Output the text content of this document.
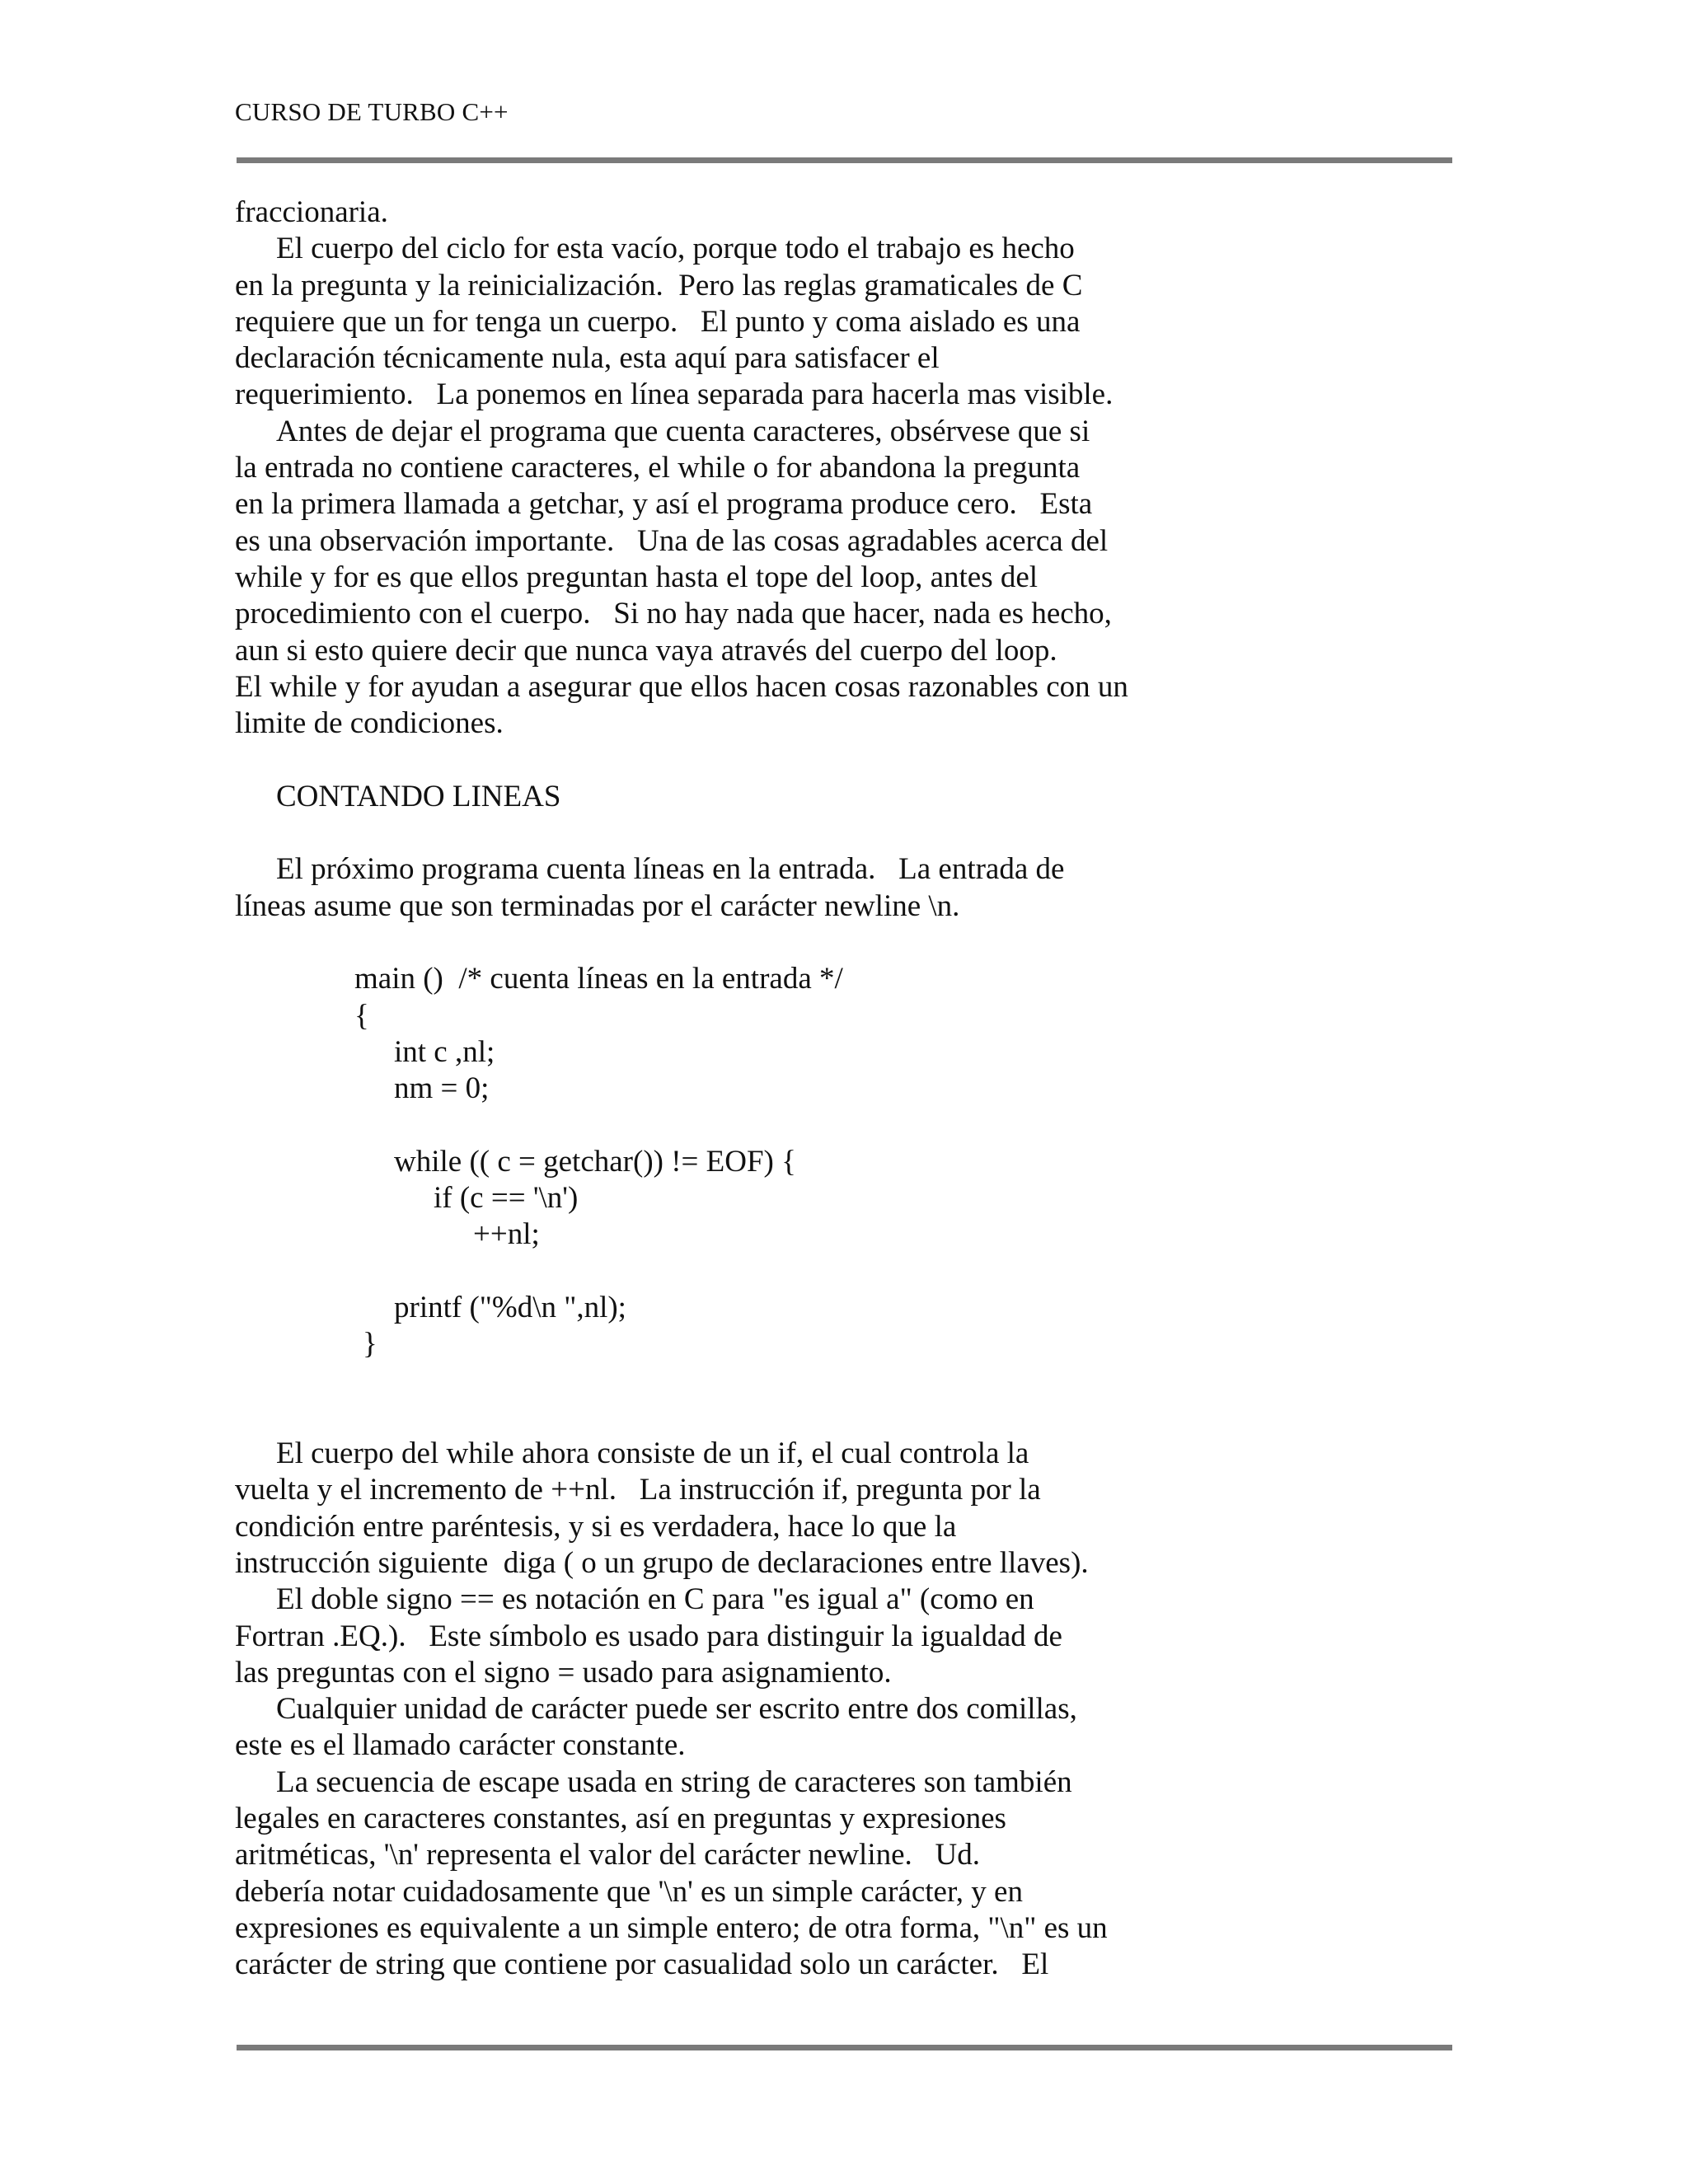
CURSO DE TURBO C++
fraccionaria.
El cuerpo del ciclo for esta vacío, porque todo el trabajo es hecho
en la pregunta y la reinicialización.  Pero las reglas gramaticales de C
requiere que un for tenga un cuerpo.   El punto y coma aislado es una
declaración técnicamente nula, esta aquí para satisfacer el
requerimiento.   La ponemos en línea separada para hacerla mas visible.
Antes de dejar el programa que cuenta caracteres, obsérvese que si
la entrada no contiene caracteres, el while o for abandona la pregunta
en la primera llamada a getchar, y así el programa produce cero.   Esta
es una observación importante.   Una de las cosas agradables acerca del
while y for es que ellos preguntan hasta el tope del loop, antes del
procedimiento con el cuerpo.   Si no hay nada que hacer, nada es hecho,
aun si esto quiere decir que nunca vaya através del cuerpo del loop.
El while y for ayudan a asegurar que ellos hacen cosas razonables con un
limite de condiciones.
CONTANDO LINEAS
El próximo programa cuenta líneas en la entrada.   La entrada de
líneas asume que son terminadas por el carácter newline \n.
main ()  /* cuenta líneas en la entrada */
{
int c ,nl;
nm = 0;
while (( c = getchar()) != EOF) {
if (c == '\n')
++nl;
printf ("%d\n ",nl);
}
El cuerpo del while ahora consiste de un if, el cual controla la
vuelta y el incremento de ++nl.   La instrucción if, pregunta por la
condición entre paréntesis, y si es verdadera, hace lo que la
instrucción siguiente  diga ( o un grupo de declaraciones entre llaves).
El doble signo == es notación en C para "es igual a" (como en
Fortran .EQ.).   Este símbolo es usado para distinguir la igualdad de
las preguntas con el signo = usado para asignamiento.
Cualquier unidad de carácter puede ser escrito entre dos comillas,
este es el llamado carácter constante.
La secuencia de escape usada en string de caracteres son también
legales en caracteres constantes, así en preguntas y expresiones
aritméticas, '\n' representa el valor del carácter newline.   Ud.
debería notar cuidadosamente que '\n' es un simple carácter, y en
expresiones es equivalente a un simple entero; de otra forma, "\n" es un
carácter de string que contiene por casualidad solo un carácter.   El
